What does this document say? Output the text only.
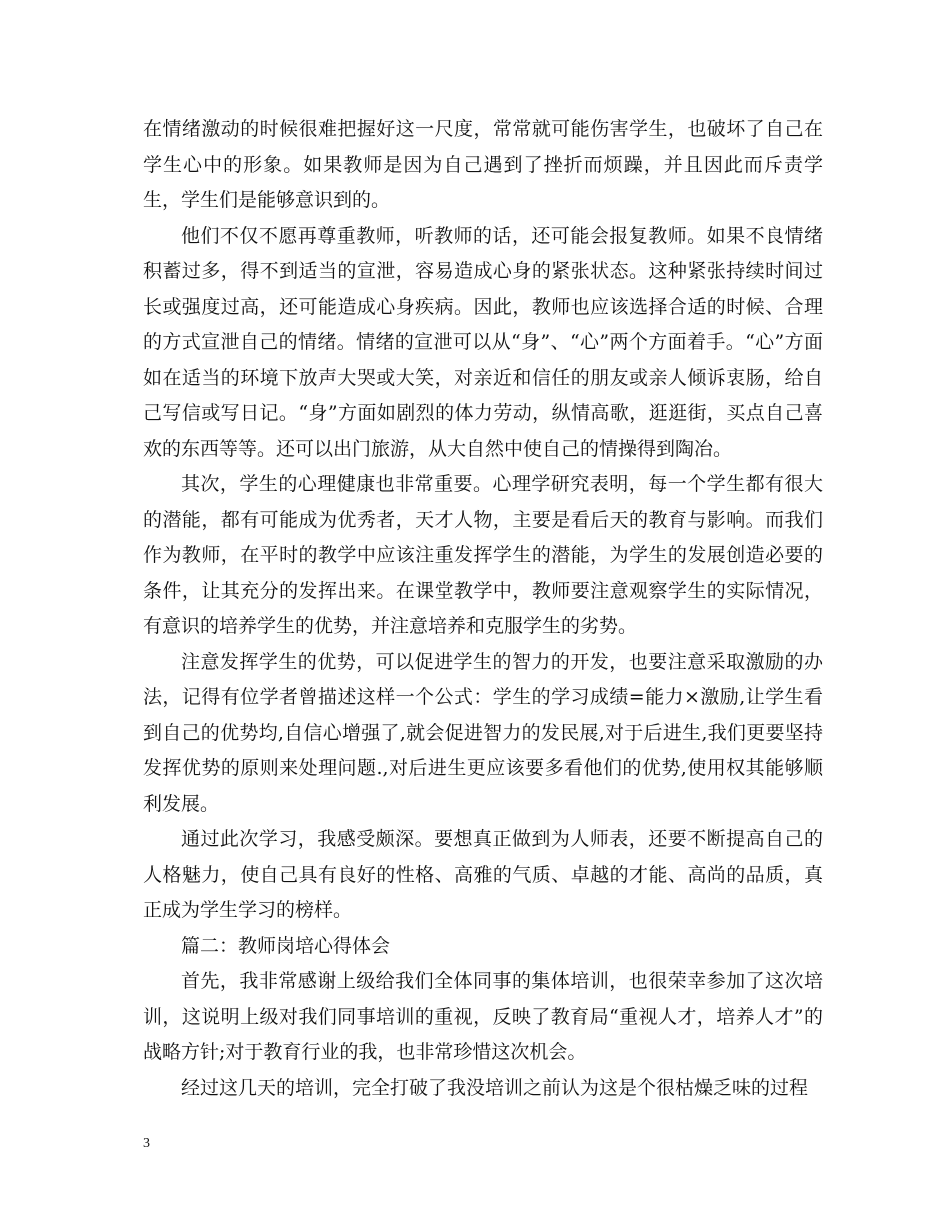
在情绪激动的时候很难把握好这一尺度，常常就可能伤害学生，也破坏了自己在学生心中的形象。如果教师是因为自己遇到了挫折而烦躁，并且因此而斥责学生，学生们是能够意识到的。

他们不仅不愿再尊重教师，听教师的话，还可能会报复教师。如果不良情绪积蓄过多，得不到适当的宣泄，容易造成心身的紧张状态。这种紧张持续时间过长或强度过高，还可能造成心身疾病。因此，教师也应该选择合适的时候、合理的方式宣泄自己的情绪。情绪的宣泄可以从“身”、“心”两个方面着手。“心”方面如在适当的环境下放声大哭或大笑，对亲近和信任的朋友或亲人倾诉衷肠，给自己写信或写日记。“身”方面如剧烈的体力劳动，纵情高歌，逛逛街，买点自己喜欢的东西等等。还可以出门旅游，从大自然中使自己的情操得到陶冶。

其次，学生的心理健康也非常重要。心理学研究表明，每一个学生都有很大的潜能，都有可能成为优秀者，天才人物，主要是看后天的教育与影响。而我们作为教师，在平时的教学中应该注重发挥学生的潜能，为学生的发展创造必要的条件，让其充分的发挥出来。在课堂教学中，教师要注意观察学生的实际情况，有意识的培养学生的优势，并注意培养和克服学生的劣势。

注意发挥学生的优势，可以促进学生的智力的开发，也要注意采取激励的办法，记得有位学者曾描述这样一个公式：学生的学习成绩=能力×激励,让学生看到自己的优势均,自信心增强了,就会促进智力的发民展,对于后进生,我们更要坚持发挥优势的原则来处理问题.,对后进生更应该要多看他们的优势,使用权其能够顺利发展。

通过此次学习，我感受颇深。要想真正做到为人师表，还要不断提高自己的人格魅力，使自己具有良好的性格、高雅的气质、卓越的才能、高尚的品质，真正成为学生学习的榜样。

篇二：教师岗培心得体会

首先，我非常感谢上级给我们全体同事的集体培训，也很荣幸参加了这次培训，这说明上级对我们同事培训的重视，反映了教育局“重视人才，培养人才”的战略方针;对于教育行业的我，也非常珍惜这次机会。

经过这几天的培训，完全打破了我没培训之前认为这是个很枯燥乏味的过程

3
